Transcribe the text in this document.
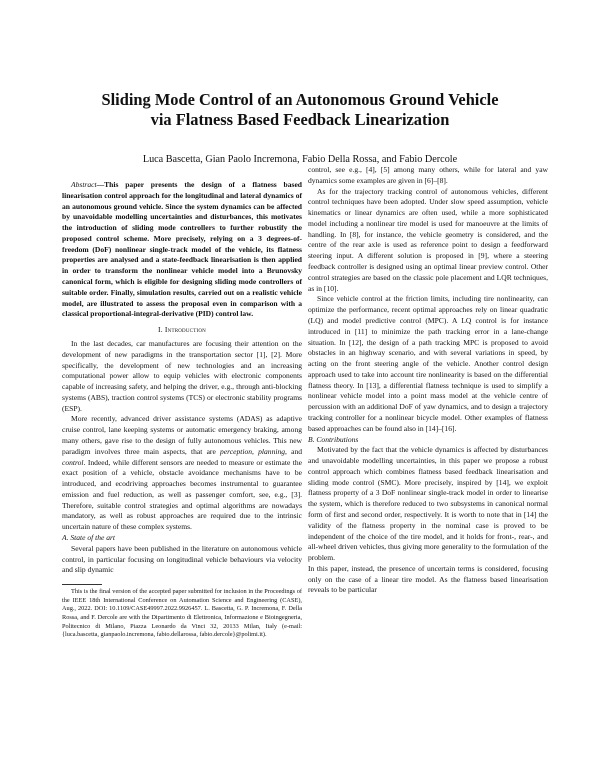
Sliding Mode Control of an Autonomous Ground Vehicle
via Flatness Based Feedback Linearization
Luca Bascetta, Gian Paolo Incremona, Fabio Della Rossa, and Fabio Dercole

Abstract—This paper presents the design of a flatness based linearisation control approach for the longitudinal and lateral dynamics of an autonomous ground vehicle. Since the system dynamics can be affected by unavoidable modelling uncertainties and disturbances, this motivates the introduction of sliding mode controllers to further robustify the proposed control scheme. More precisely, relying on a 3 degrees-of-freedom (DoF) nonlinear single-track model of the vehicle, its flatness properties are analysed and a state-feedback linearisation is then applied in order to transform the nonlinear vehicle model into a Brunovsky canonical form, which is eligible for designing sliding mode controllers of suitable order. Finally, simulation results, carried out on a realistic vehicle model, are illustrated to assess the proposal even in comparison with a classical proportional-integral-derivative (PID) control law.

I. Introduction

In the last decades, car manufactures are focusing their attention on the development of new paradigms in the transportation sector [1], [2]. More specifically, the development of new technologies and an increasing computational power allow to equip vehicles with electronic components capable of increasing safety, and helping the driver, e.g., through anti-blocking systems (ABS), traction control systems (TCS) or electronic stability programs (ESP).

More recently, advanced driver assistance systems (ADAS) as adaptive cruise control, lane keeping systems or automatic emergency braking, among many others, gave rise to the design of fully autonomous vehicles. This new paradigm involves three main aspects, that are perception, planning, and control. Indeed, while different sensors are needed to measure or estimate the exact position of a vehicle, obstacle avoidance mechanisms have to be introduced, and ecodriving approaches becomes instrumental to guarantee emission and fuel reduction, as well as passenger comfort, see, e.g., [3]. Therefore, suitable control strategies and optimal algorithms are nowadays mandatory, as well as robust approaches are required due to the intrinsic uncertain nature of these complex systems.

A. State of the art

Several papers have been published in the literature on autonomous vehicle control, in particular focusing on longitudinal vehicle behaviours via velocity and slip dynamic

This is the final version of the accepted paper submitted for inclusion in the Proceedings of the IEEE 18th International Conference on Automation Science and Engineering (CASE), Aug., 2022. DOI: 10.1109/CASE49997.2022.9926457. L. Bascetta, G. P. Incremona, F. Della Rossa, and F. Dercole are with the Dipartimento di Elettronica, Informazione e Bioingegneria, Politecnico di Milano, Piazza Leonardo da Vinci 32, 20133 Milan, Italy (e-mail: {luca.bascetta, gianpaolo.incremona, fabio.dellarossa, fabio.dercole}@polimi.it).

control, see e.g., [4], [5] among many others, while for lateral and yaw dynamics some examples are given in [6]–[8].

As for the trajectory tracking control of autonomous vehicles, different control techniques have been adopted. Under slow speed assumption, vehicle kinematics or linear dynamics are often used, while a more sophisticated model including a nonlinear tire model is used for manoeuvre at the limits of handling. In [8], for instance, the vehicle geometry is considered, and the centre of the rear axle is used as reference point to design a feedforward steering input. A different solution is proposed in [9], where a steering feedback controller is designed using an optimal linear preview control. Other control strategies are based on the classic pole placement and LQR techniques, as in [10].

Since vehicle control at the friction limits, including tire nonlinearity, can optimize the performance, recent optimal approaches rely on linear quadratic (LQ) and model predictive control (MPC). A LQ control is for instance introduced in [11] to minimize the path tracking error in a lane-change situation. In [12], the design of a path tracking MPC is proposed to avoid obstacles in an highway scenario, and with several variations in speed, by acting on the front steering angle of the vehicle. Another control design approach used to take into account tire nonlinearity is based on the differential flatness theory. In [13], a differential flatness technique is used to simplify a nonlinear vehicle model into a point mass model at the vehicle centre of percussion with an additional DoF of yaw dynamics, and to design a trajectory tracking controller for a nonlinear bicycle model. Other examples of flatness based approaches can be found also in [14]–[16].

B. Contributions

Motivated by the fact that the vehicle dynamics is affected by disturbances and unavoidable modelling uncertainties, in this paper we propose a robust control approach which combines flatness based feedback linearisation and sliding mode control (SMC). More precisely, inspired by [14], we exploit flatness property of a 3 DoF nonlinear single-track model in order to linearise the system, which is therefore reduced to two subsystems in canonical normal form of first and second order, respectively. It is worth to note that in [14] the validity of the flatness property in the nominal case is proved to be independent of the choice of the tire model, and it holds for front-, rear-, and all-wheel driven vehicles, thus giving more generality to the formulation of the problem.

In this paper, instead, the presence of uncertain terms is considered, focusing only on the case of a linear tire model. As the flatness based linearisation reveals to be particular
